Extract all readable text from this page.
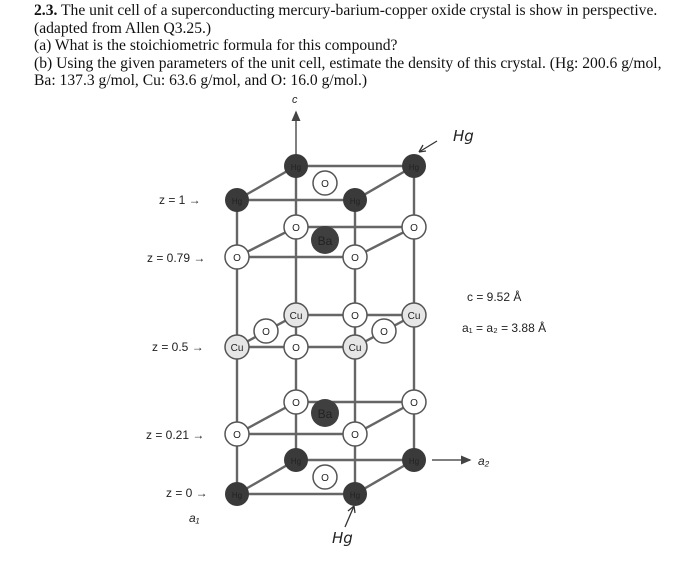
2.3. The unit cell of a superconducting mercury-barium-copper oxide crystal is show in perspective. (adapted from Allen Q3.25.)

(a) What is the stoichiometric formula for this compound?

(b) Using the given parameters of the unit cell, estimate the density of this crystal. (Hg: 200.6 g/mol, Ba: 137.3 g/mol, Cu: 63.6 g/mol, and O: 16.0 g/mol.)

c
a₂
a₁
z = 1 →
z = 0.79 →
z = 0.5 →
z = 0.21 →
z = 0 →
c = 9.52 Å
a₁ = a₂ = 3.88 Å
Hg
Hg
Hg
Hg
Hg
Hg
Hg
Hg
Hg
Hg
O
O
O
O
O
O
Ba
Cu
Cu
Cu
Cu
O
O
O
O
O
O
O
O
Ba
